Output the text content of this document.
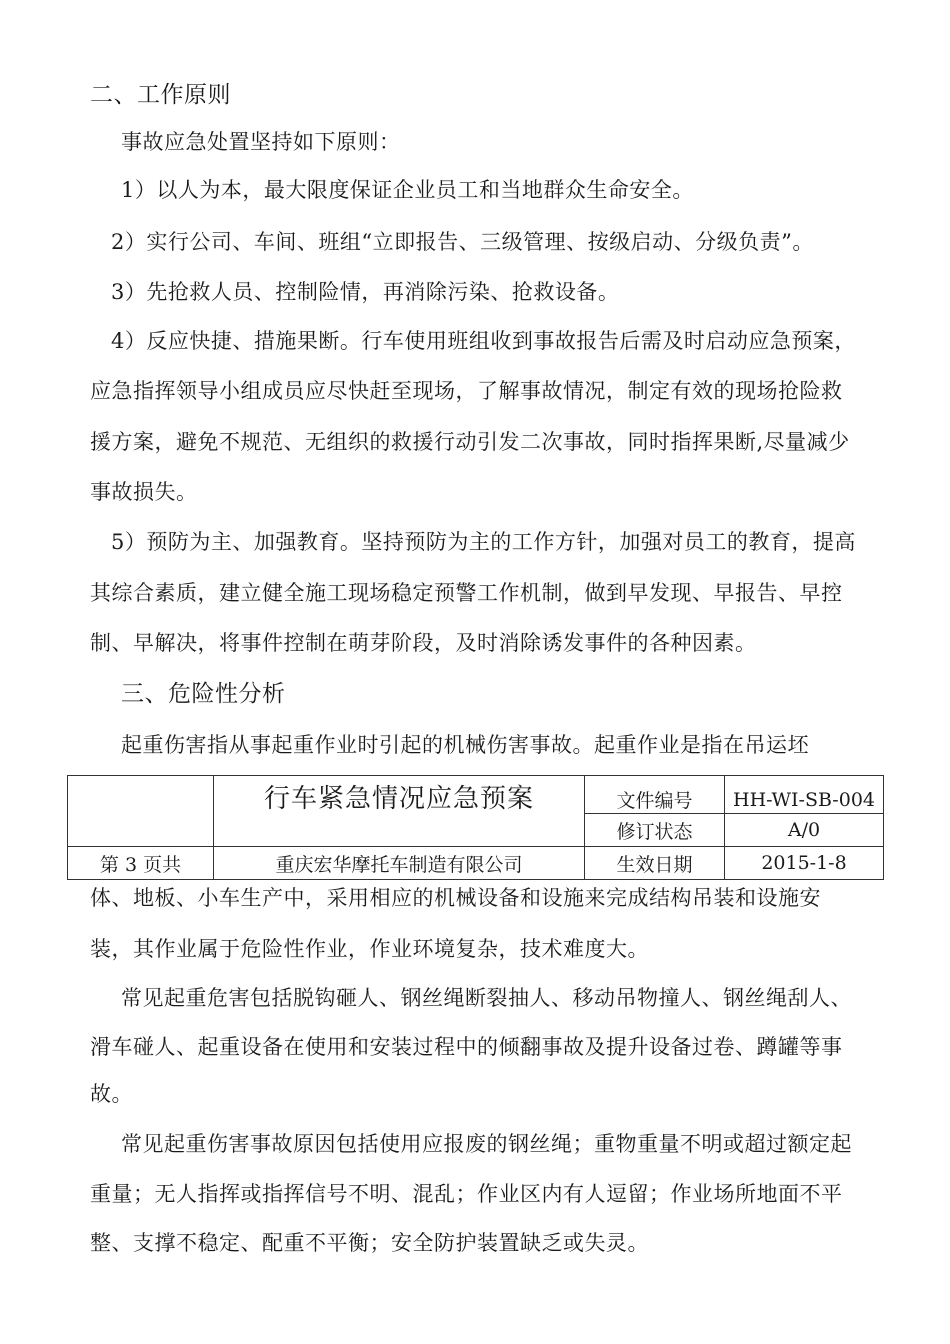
二、工作原则
事故应急处置坚持如下原则：
1）以人为本，最大限度保证企业员工和当地群众生命安全。
2）实行公司、车间、班组“立即报告、三级管理、按级启动、分级负责”。
3）先抢救人员、控制险情，再消除污染、抢救设备。
4）反应快捷、措施果断。行车使用班组收到事故报告后需及时启动应急预案，
应急指挥领导小组成员应尽快赶至现场，了解事故情况，制定有效的现场抢险救
援方案，避免不规范、无组织的救援行动引发二次事故，同时指挥果断,尽量减少
事故损失。
5）预防为主、加强教育。坚持预防为主的工作方针，加强对员工的教育，提高
其综合素质，建立健全施工现场稳定预警工作机制，做到早发现、早报告、早控
制、早解决，将事件控制在萌芽阶段，及时消除诱发事件的各种因素。
三、危险性分析
起重伤害指从事起重作业时引起的机械伤害事故。起重作业是指在吊运坯
	行车紧急情况应急预案	文件编号	HH-WI-SB-004
		修订状态	A/0
第 3 页共	重庆宏华摩托车制造有限公司	生效日期	2015-1-8
体、地板、小车生产中，采用相应的机械设备和设施来完成结构吊装和设施安
装，其作业属于危险性作业，作业环境复杂，技术难度大。
常见起重危害包括脱钩砸人、钢丝绳断裂抽人、移动吊物撞人、钢丝绳刮人、
滑车碰人、起重设备在使用和安装过程中的倾翻事故及提升设备过卷、蹲罐等事
故。
常见起重伤害事故原因包括使用应报废的钢丝绳；重物重量不明或超过额定起
重量；无人指挥或指挥信号不明、混乱；作业区内有人逗留；作业场所地面不平
整、支撑不稳定、配重不平衡；安全防护装置缺乏或失灵。
